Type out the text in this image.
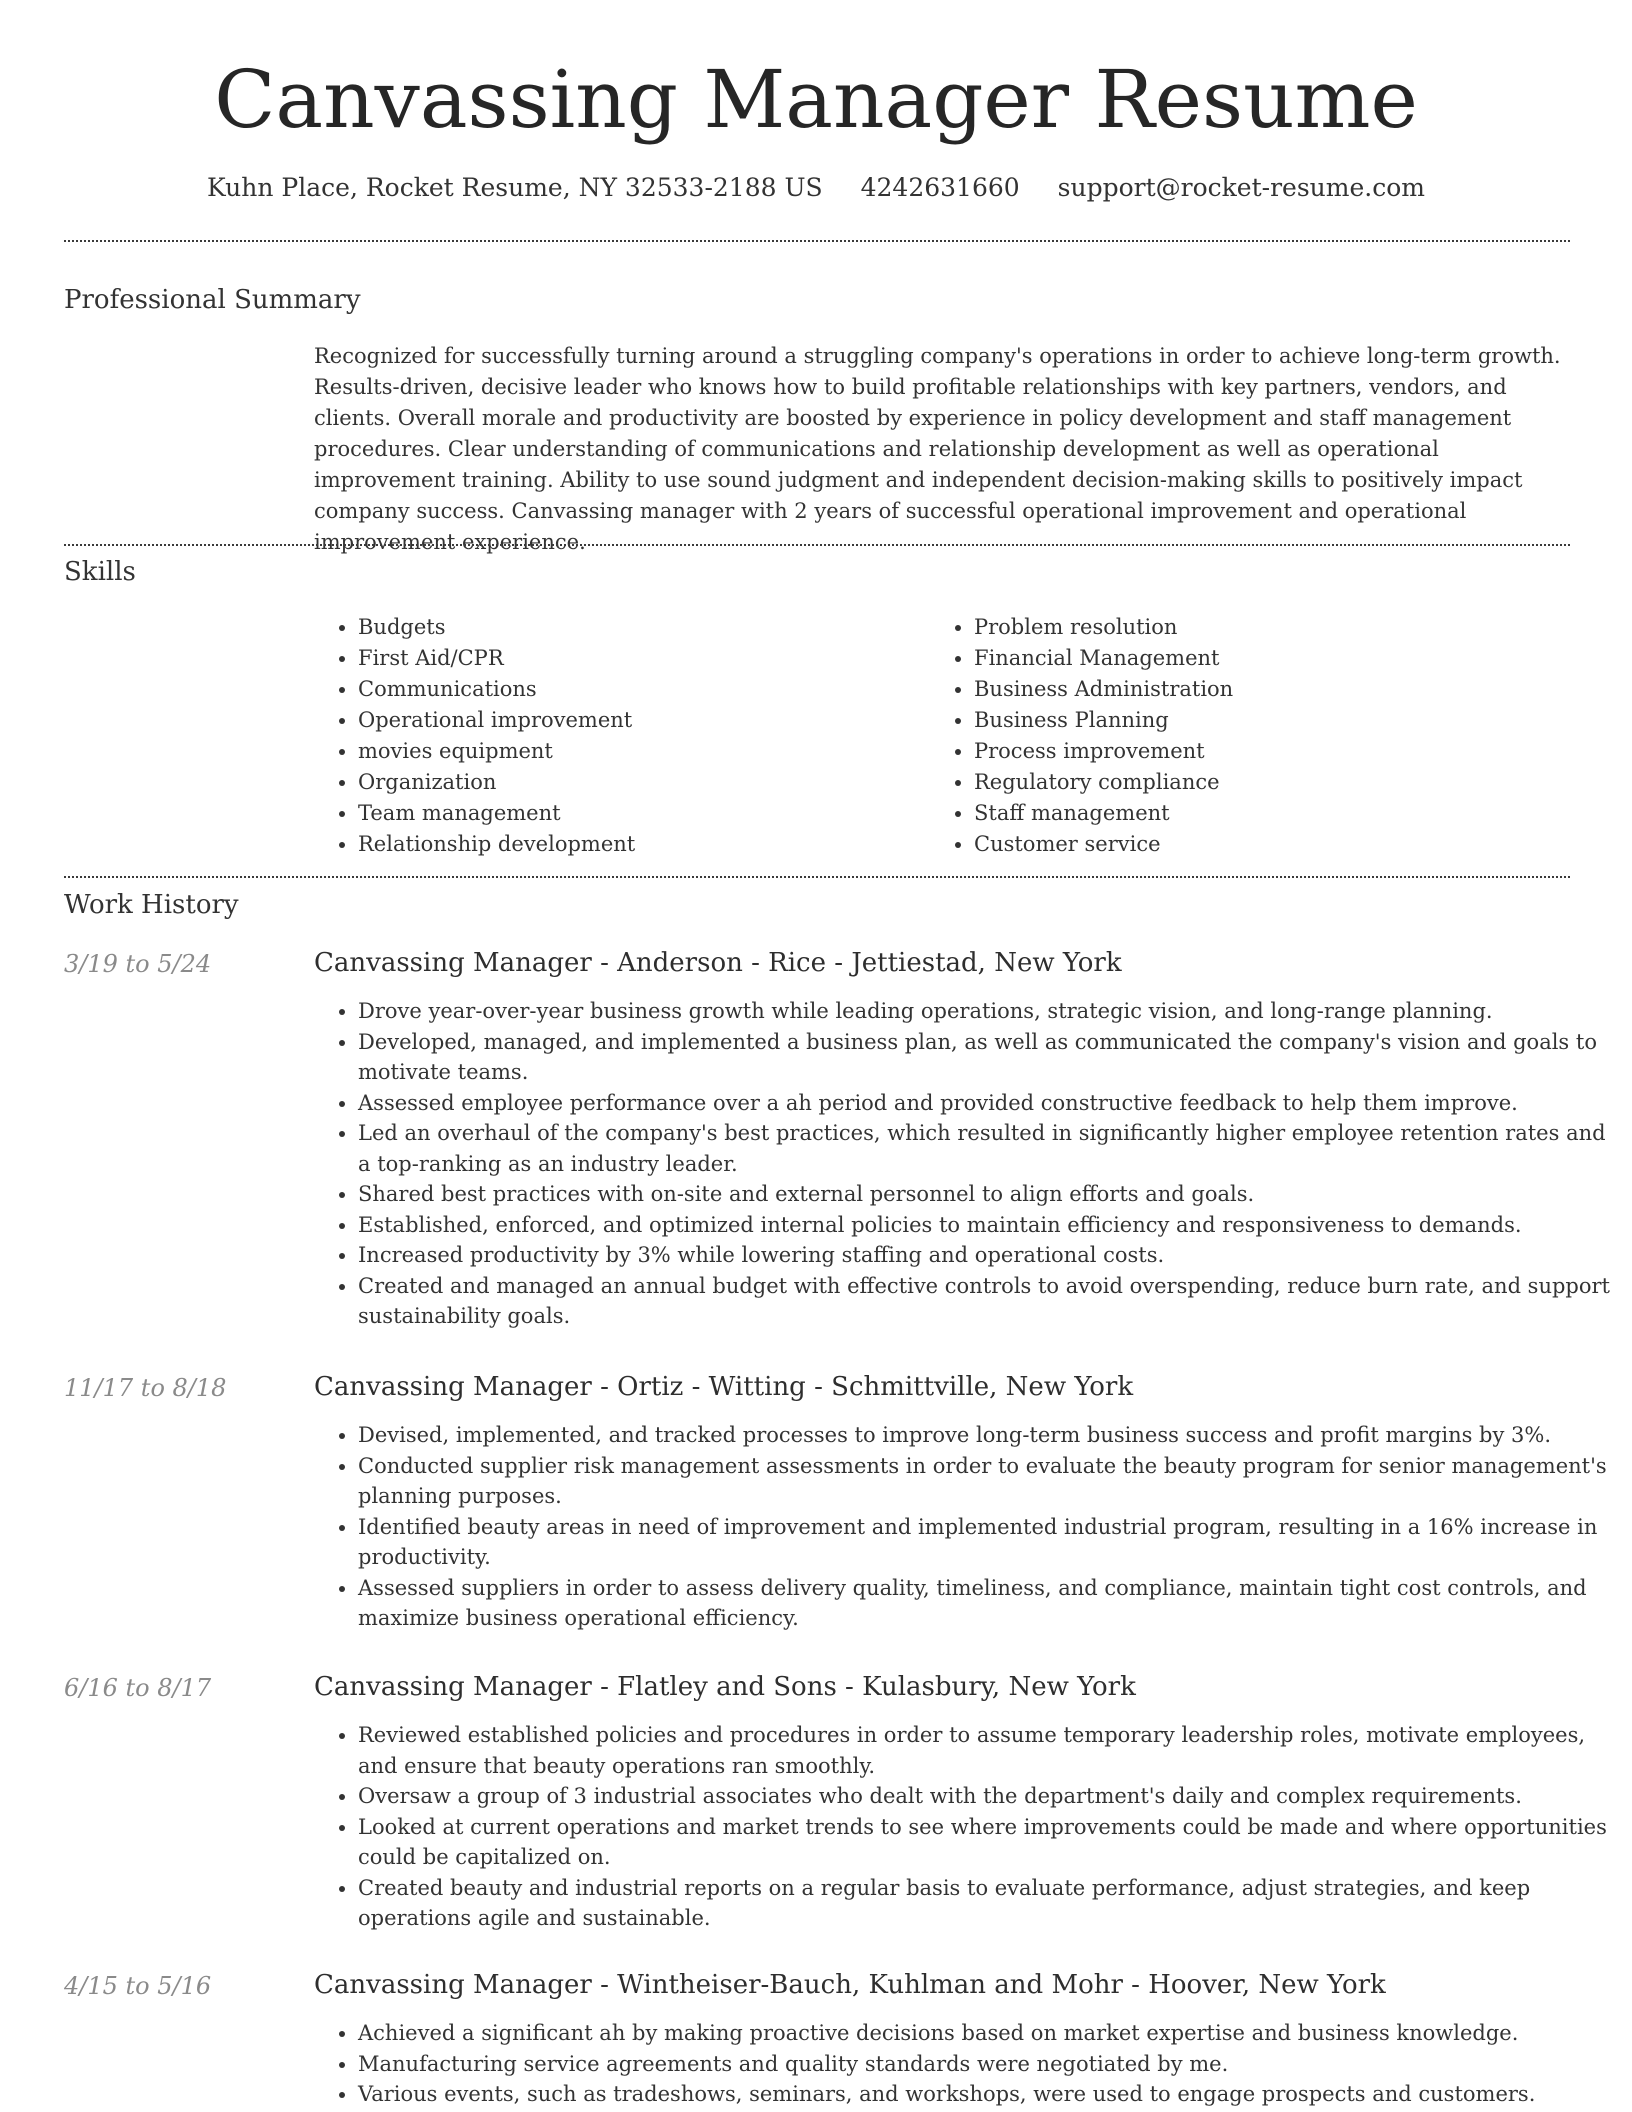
Canvassing Manager Resume
Kuhn Place, Rocket Resume, NY 32533-2188 US 4242631660 support@rocket-resume.com
Professional Summary
Recognized for successfully turning around a struggling company's operations in order to achieve long-term growth. Results-driven, decisive leader who knows how to build profitable relationships with key partners, vendors, and clients. Overall morale and productivity are boosted by experience in policy development and staff management procedures. Clear understanding of communications and relationship development as well as operational improvement training. Ability to use sound judgment and independent decision-making skills to positively impact company success. Canvassing manager with 2 years of successful operational improvement and operational improvement experience.
Skills
• Budgets
• First Aid/CPR
• Communications
• Operational improvement
• movies equipment
• Organization
• Team management
• Relationship development
• Problem resolution
• Financial Management
• Business Administration
• Business Planning
• Process improvement
• Regulatory compliance
• Staff management
• Customer service
Work History
3/19 to 5/24	Canvassing Manager - Anderson - Rice - Jettiestad, New York
• Drove year-over-year business growth while leading operations, strategic vision, and long-range planning.
• Developed, managed, and implemented a business plan, as well as communicated the company's vision and goals to motivate teams.
• Assessed employee performance over a ah period and provided constructive feedback to help them improve.
• Led an overhaul of the company's best practices, which resulted in significantly higher employee retention rates and a top-ranking as an industry leader.
• Shared best practices with on-site and external personnel to align efforts and goals.
• Established, enforced, and optimized internal policies to maintain efficiency and responsiveness to demands.
• Increased productivity by 3% while lowering staffing and operational costs.
• Created and managed an annual budget with effective controls to avoid overspending, reduce burn rate, and support sustainability goals.
11/17 to 8/18	Canvassing Manager - Ortiz - Witting - Schmittville, New York
• Devised, implemented, and tracked processes to improve long-term business success and profit margins by 3%.
• Conducted supplier risk management assessments in order to evaluate the beauty program for senior management's planning purposes.
• Identified beauty areas in need of improvement and implemented industrial program, resulting in a 16% increase in productivity.
• Assessed suppliers in order to assess delivery quality, timeliness, and compliance, maintain tight cost controls, and maximize business operational efficiency.
6/16 to 8/17	Canvassing Manager - Flatley and Sons - Kulasbury, New York
• Reviewed established policies and procedures in order to assume temporary leadership roles, motivate employees, and ensure that beauty operations ran smoothly.
• Oversaw a group of 3 industrial associates who dealt with the department's daily and complex requirements.
• Looked at current operations and market trends to see where improvements could be made and where opportunities could be capitalized on.
• Created beauty and industrial reports on a regular basis to evaluate performance, adjust strategies, and keep operations agile and sustainable.
4/15 to 5/16	Canvassing Manager - Wintheiser-Bauch, Kuhlman and Mohr - Hoover, New York
• Achieved a significant ah by making proactive decisions based on market expertise and business knowledge.
• Manufacturing service agreements and quality standards were negotiated by me.
• Various events, such as tradeshows, seminars, and workshops, were used to engage prospects and customers.
